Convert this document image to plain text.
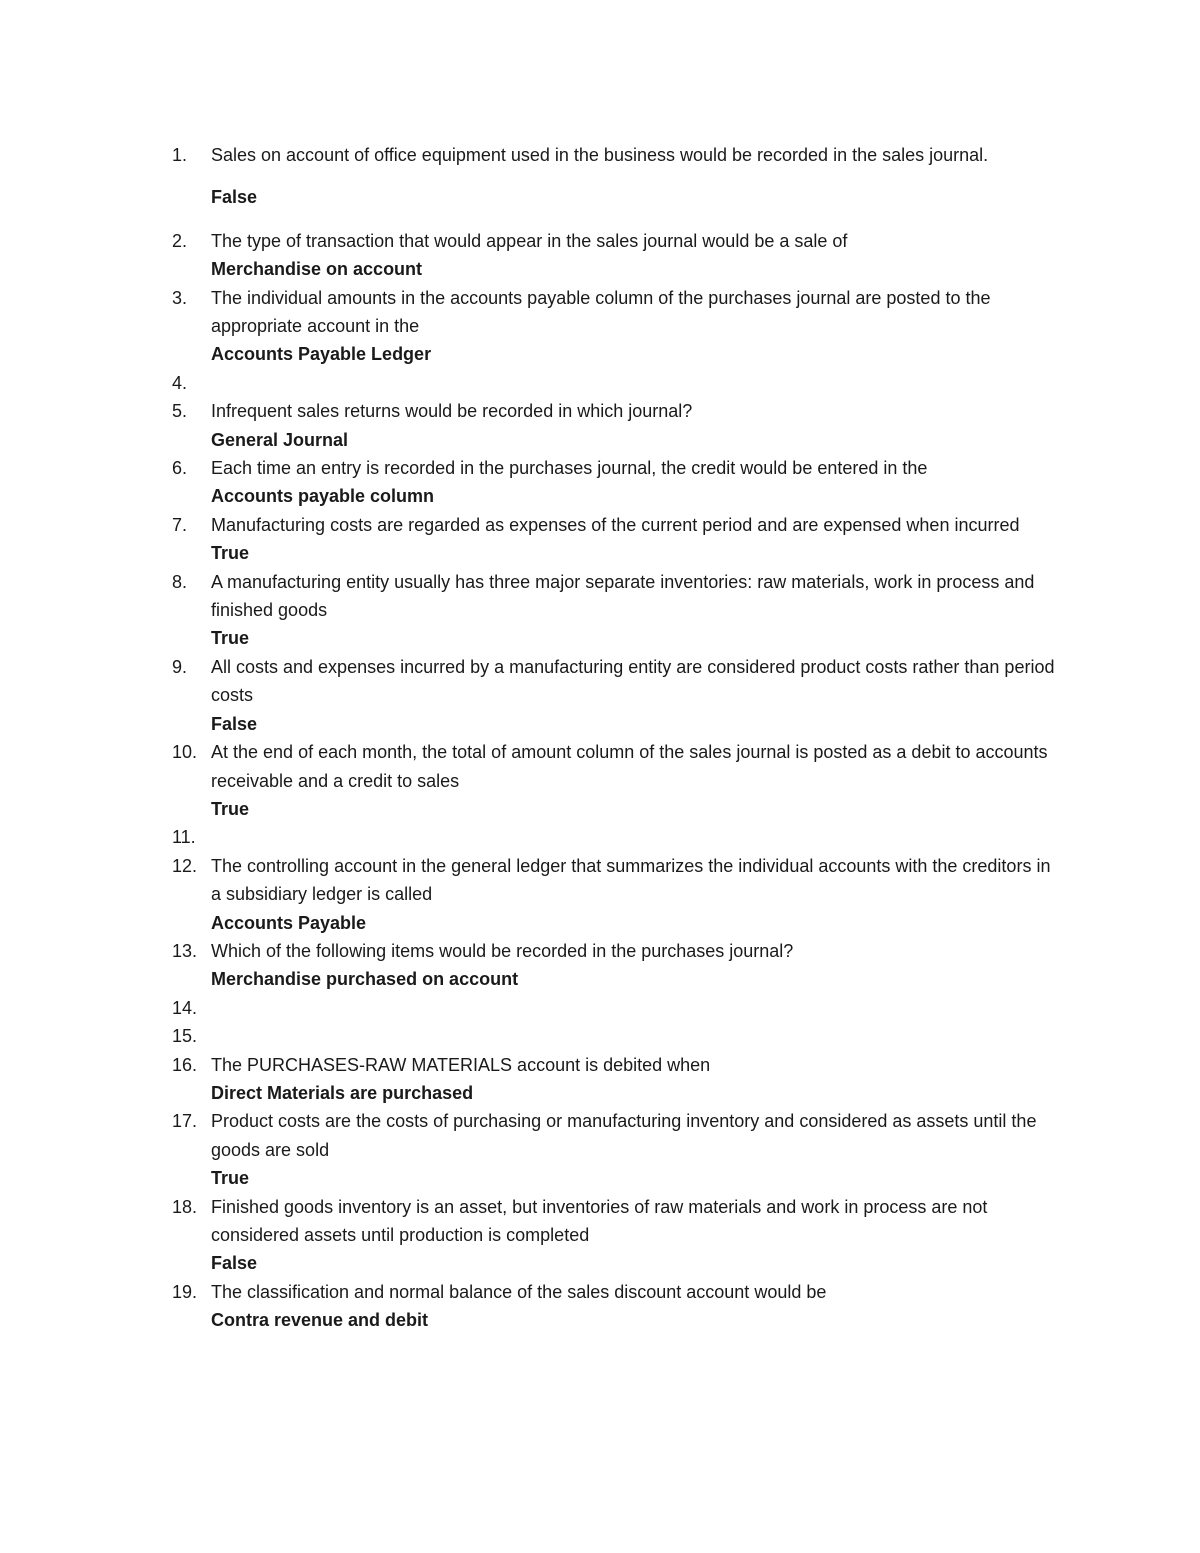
1. Sales on account of office equipment used in the business would be recorded in the sales journal.
False
2. The type of transaction that would appear in the sales journal would be a sale of
Merchandise on account
3. The individual amounts in the accounts payable column of the purchases journal are posted to the appropriate account in the
Accounts Payable Ledger
4.
5. Infrequent sales returns would be recorded in which journal?
General Journal
6. Each time an entry is recorded in the purchases journal, the credit would be entered in the
Accounts payable column
7. Manufacturing costs are regarded as expenses of the current period and are expensed when incurred
True
8. A manufacturing entity usually has three major separate inventories: raw materials, work in process and finished goods
True
9. All costs and expenses incurred by a manufacturing entity are considered product costs rather than period costs
False
10. At the end of each month, the total of amount column of the sales journal is posted as a debit to accounts receivable and a credit to sales
True
11.
12. The controlling account in the general ledger that summarizes the individual accounts with the creditors in a subsidiary ledger is called
Accounts Payable
13. Which of the following items would be recorded in the purchases journal?
Merchandise purchased on account
14.
15.
16. The PURCHASES-RAW MATERIALS account is debited when
Direct Materials are purchased
17. Product costs are the costs of purchasing or manufacturing inventory and considered as assets until the goods are sold
True
18. Finished goods inventory is an asset, but inventories of raw materials and work in process are not considered assets until production is completed
False
19. The classification and normal balance of the sales discount account would be
Contra revenue and debit
